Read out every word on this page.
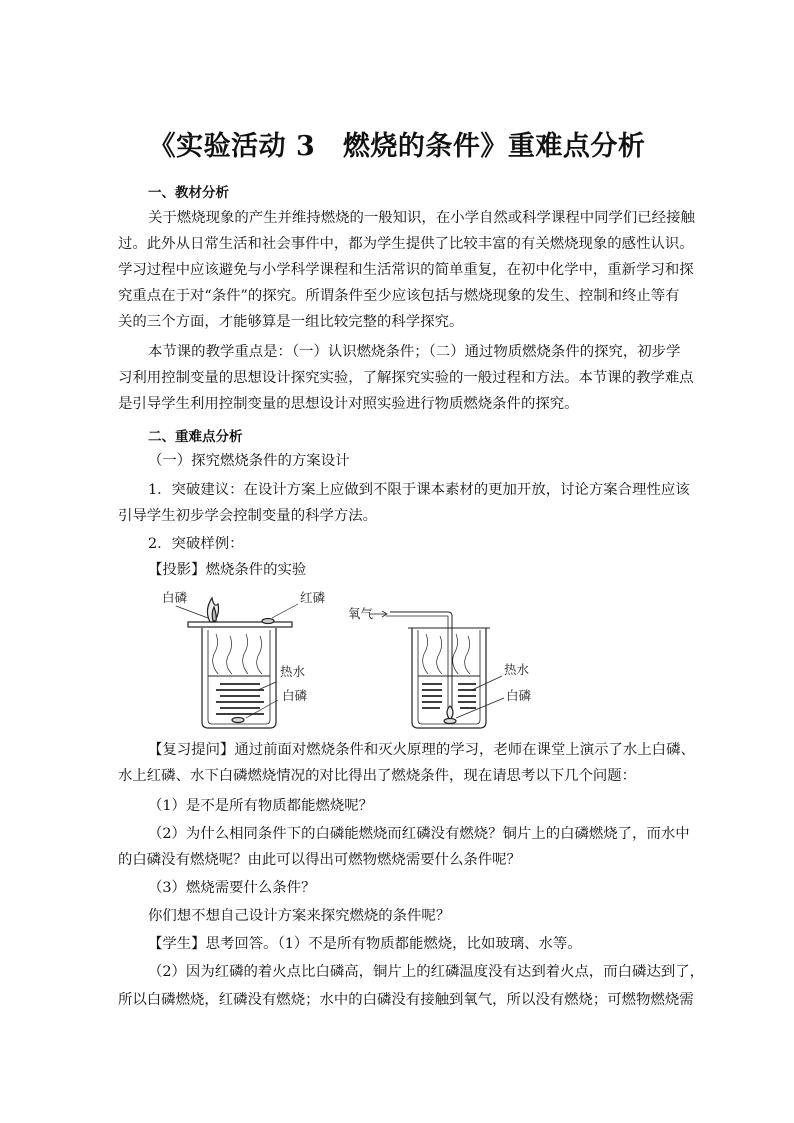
《实验活动 3　燃烧的条件》重难点分析
一、教材分析
关于燃烧现象的产生并维持燃烧的一般知识，在小学自然或科学课程中同学们已经接触
过。此外从日常生活和社会事件中，都为学生提供了比较丰富的有关燃烧现象的感性认识。
学习过程中应该避免与小学科学课程和生活常识的简单重复，在初中化学中，重新学习和探
究重点在于对“条件”的探究。所谓条件至少应该包括与燃烧现象的发生、控制和终止等有
关的三个方面，才能够算是一组比较完整的科学探究。
本节课的教学重点是：（一）认识燃烧条件；（二）通过物质燃烧条件的探究，初步学
习利用控制变量的思想设计探究实验，了解探究实验的一般过程和方法。本节课的教学难点
是引导学生利用控制变量的思想设计对照实验进行物质燃烧条件的探究。
二、重难点分析
（一）探究燃烧条件的方案设计
1．突破建议：在设计方案上应做到不限于课本素材的更加开放，讨论方案合理性应该
引导学生初步学会控制变量的科学方法。
2．突破样例：
【投影】燃烧条件的实验
白磷	红磷
热水
白磷
氧气
热水
白磷
【复习提问】通过前面对燃烧条件和灭火原理的学习，老师在课堂上演示了水上白磷、
水上红磷、水下白磷燃烧情况的对比得出了燃烧条件，现在请思考以下几个问题：
（1）是不是所有物质都能燃烧呢？
（2）为什么相同条件下的白磷能燃烧而红磷没有燃烧？铜片上的白磷燃烧了，而水中
的白磷没有燃烧呢？由此可以得出可燃物燃烧需要什么条件呢？
（3）燃烧需要什么条件？
你们想不想自己设计方案来探究燃烧的条件呢？
【学生】思考回答。（1）不是所有物质都能燃烧，比如玻璃、水等。
（2）因为红磷的着火点比白磷高，铜片上的红磷温度没有达到着火点，而白磷达到了，
所以白磷燃烧，红磷没有燃烧；水中的白磷没有接触到氧气，所以没有燃烧；可燃物燃烧需
